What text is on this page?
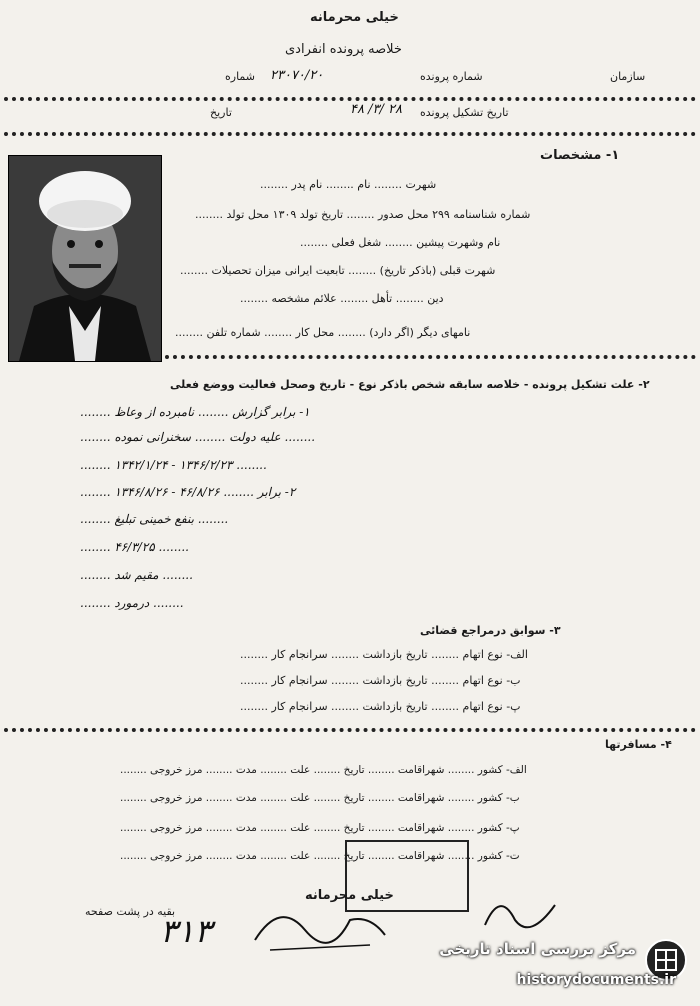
خیلی محرمانه
خلاصه پرونده انفرادی
شماره پرونده
۲۳۰۷۰/۲۰
شماره	سازمان
تاریخ تشکیل پرونده
۲۸ /۳/ ۴۸
تاریخ
۱- مشخصات
شهرت ........ نام ........ نام پدر ........
شماره شناسنامه ۲۹۹ محل صدور ........ تاریخ تولد ۱۳۰۹ محل تولد ........
نام وشهرت پیشین ........ شغل فعلی ........
شهرت قبلی (باذکر تاریخ) ........ تابعیت ایرانی میزان تحصیلات ........
دین ........ تأهل ........ علائم مشخصه ........
نامهای دیگر (اگر دارد) ........ محل کار ........ شماره تلفن ........
۲- علت تشکیل پرونده - خلاصه سابقه شخص باذکر نوع - تاریخ وصحل فعالیت ووضع فعلی
۱- برابر گزارش ........ نامبرده از وعاظ ........
........ علیه دولت ........ سخنرانی نموده ........
........ ۱۳۴۶/۲/۲۳ - ۱۳۴۲/۱/۲۴ ........
۲- برابر ........ ۴۶/۸/۲۶ - ۱۳۴۶/۸/۲۶ ........
........ بنفع خمینی تبلیغ ........
........ ۴۶/۳/۲۵ ........
........ مقیم شد ........
........ درمورد ........
۳- سوابق درمراجع قضائی
الف- نوع اتهام ........ تاریخ بازداشت ........ سرانجام کار ........
ب- نوع اتهام ........ تاریخ بازداشت ........ سرانجام کار ........
پ- نوع اتهام ........ تاریخ بازداشت ........ سرانجام کار ........
۴- مسافرتها
الف- کشور ........ شهراقامت ........ تاریخ ........ علت ........ مدت ........ مرز خروجی ........
ب- کشور ........ شهراقامت ........ تاریخ ........ علت ........ مدت ........ مرز خروجی ........
پ- کشور ........ شهراقامت ........ تاریخ ........ علت ........ مدت ........ مرز خروجی ........
ت- کشور ........ شهراقامت ........ تاریخ ........ علت ........ مدت ........ مرز خروجی ........
خیلی محرمانه
بقیه در پشت صفحه
۳۱۳	مرکز بررسی اسناد تاریخی
historydocuments.ir
